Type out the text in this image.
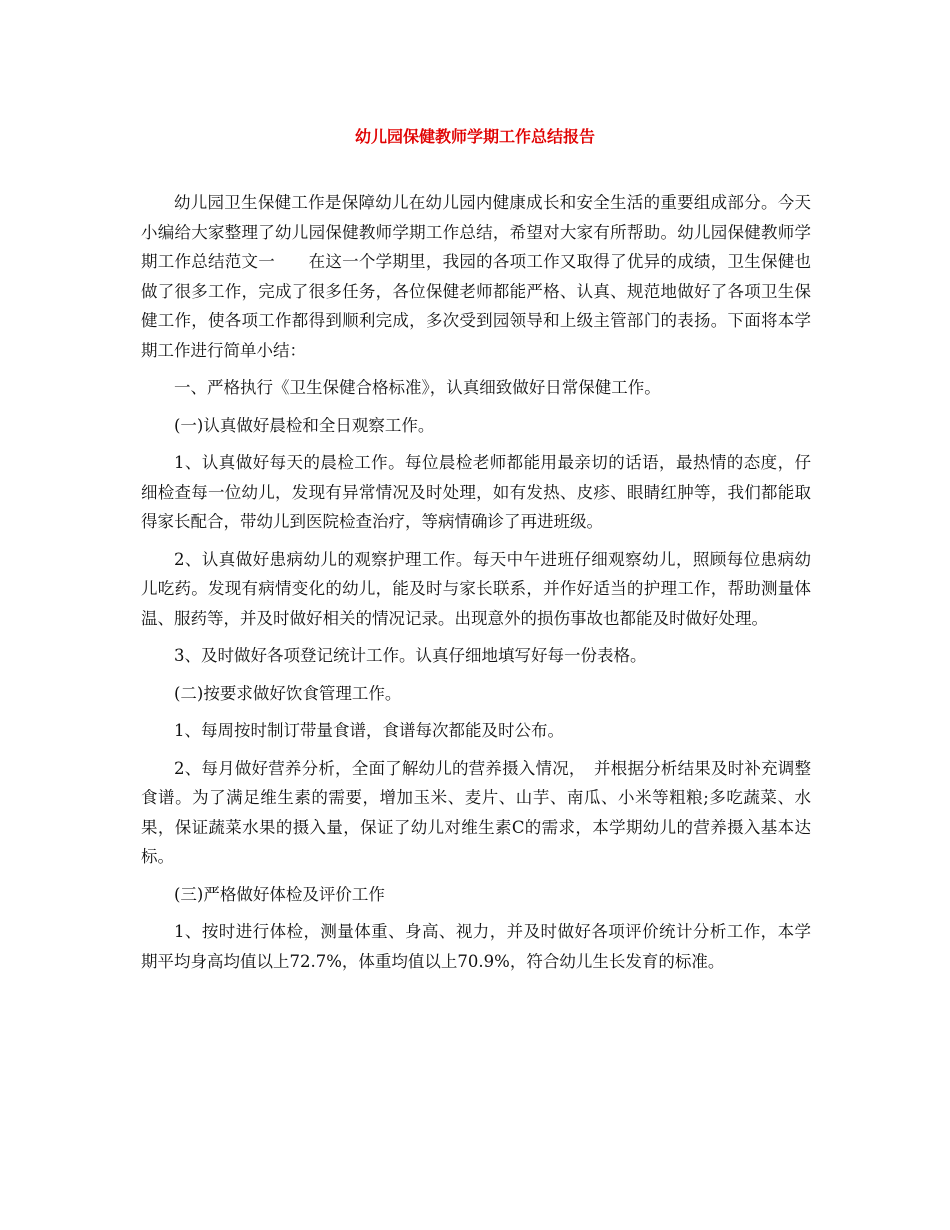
幼儿园保健教师学期工作总结报告

幼儿园卫生保健工作是保障幼儿在幼儿园内健康成长和安全生活的重要组成部分。今天小编给大家整理了幼儿园保健教师学期工作总结，希望对大家有所帮助。幼儿园保健教师学期工作总结范文一　　在这一个学期里，我园的各项工作又取得了优异的成绩，卫生保健也做了很多工作，完成了很多任务，各位保健老师都能严格、认真、规范地做好了各项卫生保健工作，使各项工作都得到顺利完成，多次受到园领导和上级主管部门的表扬。下面将本学期工作进行简单小结：

一、严格执行《卫生保健合格标准》，认真细致做好日常保健工作。

(一)认真做好晨检和全日观察工作。

1、认真做好每天的晨检工作。每位晨检老师都能用最亲切的话语，最热情的态度，仔细检查每一位幼儿，发现有异常情况及时处理，如有发热、皮疹、眼睛红肿等，我们都能取得家长配合，带幼儿到医院检查治疗，等病情确诊了再进班级。

2、认真做好患病幼儿的观察护理工作。每天中午进班仔细观察幼儿，照顾每位患病幼儿吃药。发现有病情变化的幼儿，能及时与家长联系，并作好适当的护理工作，帮助测量体温、服药等，并及时做好相关的情况记录。出现意外的损伤事故也都能及时做好处理。

3、及时做好各项登记统计工作。认真仔细地填写好每一份表格。

(二)按要求做好饮食管理工作。

1、每周按时制订带量食谱，食谱每次都能及时公布。

2、每月做好营养分析，全面了解幼儿的营养摄入情况，　并根据分析结果及时补充调整食谱。为了满足维生素的需要，增加玉米、麦片、山芋、南瓜、小米等粗粮;多吃蔬菜、水果，保证蔬菜水果的摄入量，保证了幼儿对维生素C的需求，本学期幼儿的营养摄入基本达标。

(三)严格做好体检及评价工作

1、按时进行体检，测量体重、身高、视力，并及时做好各项评价统计分析工作，本学期平均身高均值以上72.7%，体重均值以上70.9%，符合幼儿生长发育的标准。
